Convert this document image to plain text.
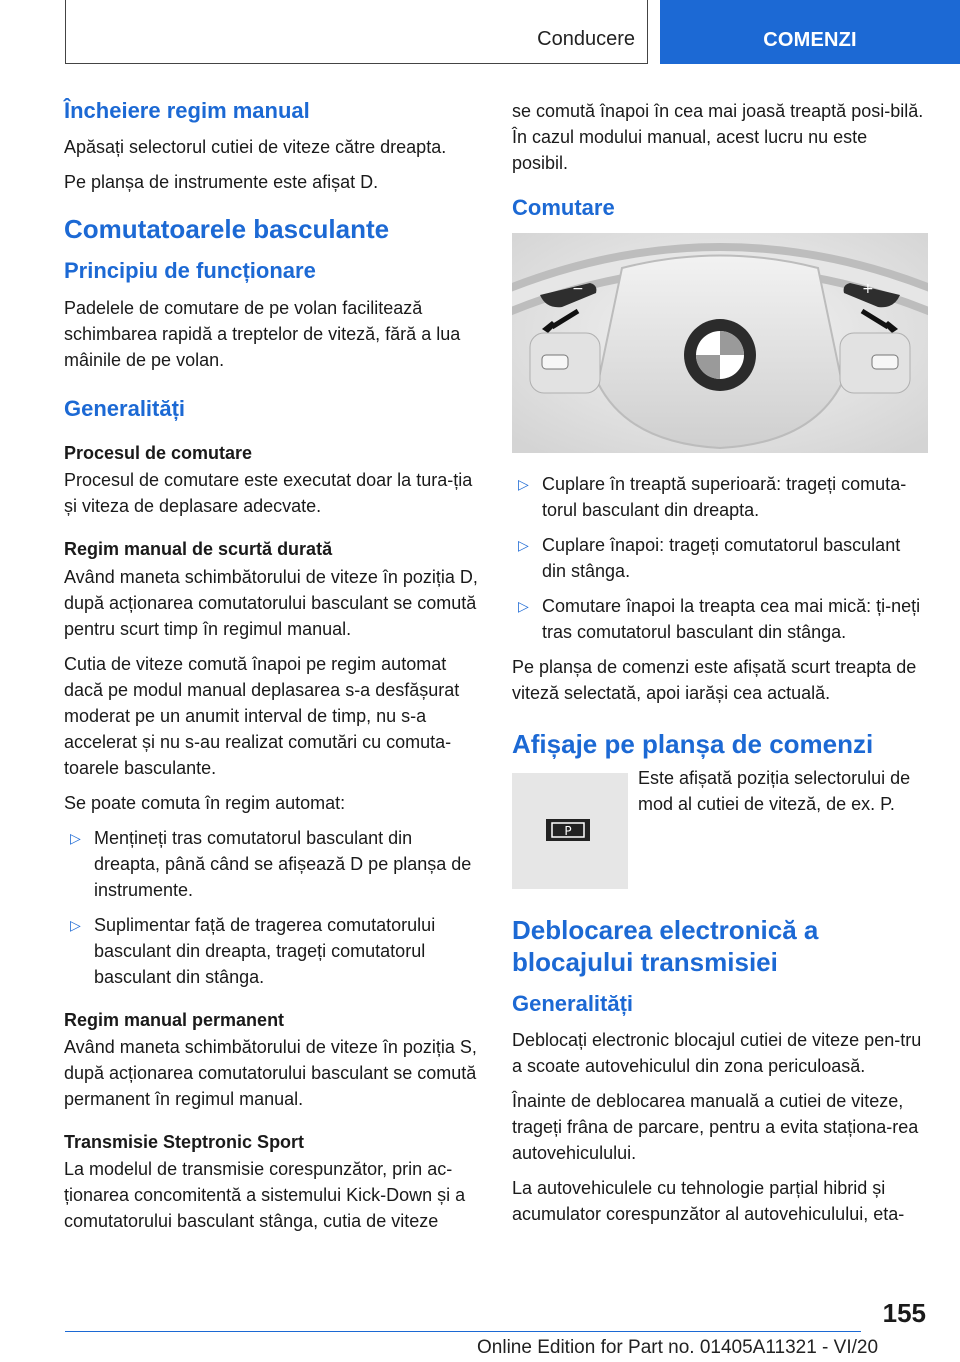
Conducere	COMENZI
Încheiere regim manual

Apăsați selectorul cutiei de viteze către dreapta.

Pe planșa de instrumente este afișat D.

Comutatoarele basculante
Principiu de funcționare

Padelele de comutare de pe volan facilitează schimbarea rapidă a treptelor de viteză, fără a lua mâinile de pe volan.

Generalități
Procesul de comutare

Procesul de comutare este executat doar la tura-ția și viteza de deplasare adecvate.

Regim manual de scurtă durată

Având maneta schimbătorului de viteze în poziția D, după acționarea comutatorului basculant se comută pentru scurt timp în regimul manual.

Cutia de viteze comută înapoi pe regim automat dacă pe modul manual deplasarea s-a desfășurat moderat pe un anumit interval de timp, nu s-a accelerat și nu s-au realizat comutări cu comuta-toarele basculante.

Se poate comuta în regim automat:

▷ Mențineți tras comutatorul basculant din dreapta, până când se afișează D pe planșa de instrumente.
▷ Suplimentar față de tragerea comutatorului basculant din dreapta, trageți comutatorul basculant din stânga.
Regim manual permanent

Având maneta schimbătorului de viteze în poziția S, după acționarea comutatorului basculant se comută permanent în regimul manual.

Transmisie Steptronic Sport

La modelul de transmisie corespunzător, prin ac-ționarea concomitentă a sistemului Kick-Down și a comutatorului basculant stânga, cutia de viteze

se comută înapoi în cea mai joasă treaptă posi-bilă. În cazul modului manual, acest lucru nu este posibil.

Comutare
−	+
▷ Cuplare în treaptă superioară: trageți comuta-torul basculant din dreapta.
▷ Cuplare înapoi: trageți comutatorul basculant din stânga.
▷ Comutare înapoi la treapta cea mai mică: ți-neți tras comutatorul basculant din stânga.

Pe planșa de comenzi este afișată scurt treapta de viteză selectată, apoi iarăși cea actuală.

Afișaje pe planșa de comenzi
P

Este afișată poziția selectorului de mod al cutiei de viteză, de ex. P.

Deblocarea electronică a blocajului transmisiei
Generalități

Deblocați electronic blocajul cutiei de viteze pen-tru a scoate autovehiculul din zona periculoasă.

Înainte de deblocarea manuală a cutiei de viteze, trageți frâna de parcare, pentru a evita staționa-rea autovehiculului.

La autovehiculele cu tehnologie parțial hibrid și acumulator corespunzător al autovehiculului, eta-

155
Online Edition for Part no. 01405A11321 - VI/20
